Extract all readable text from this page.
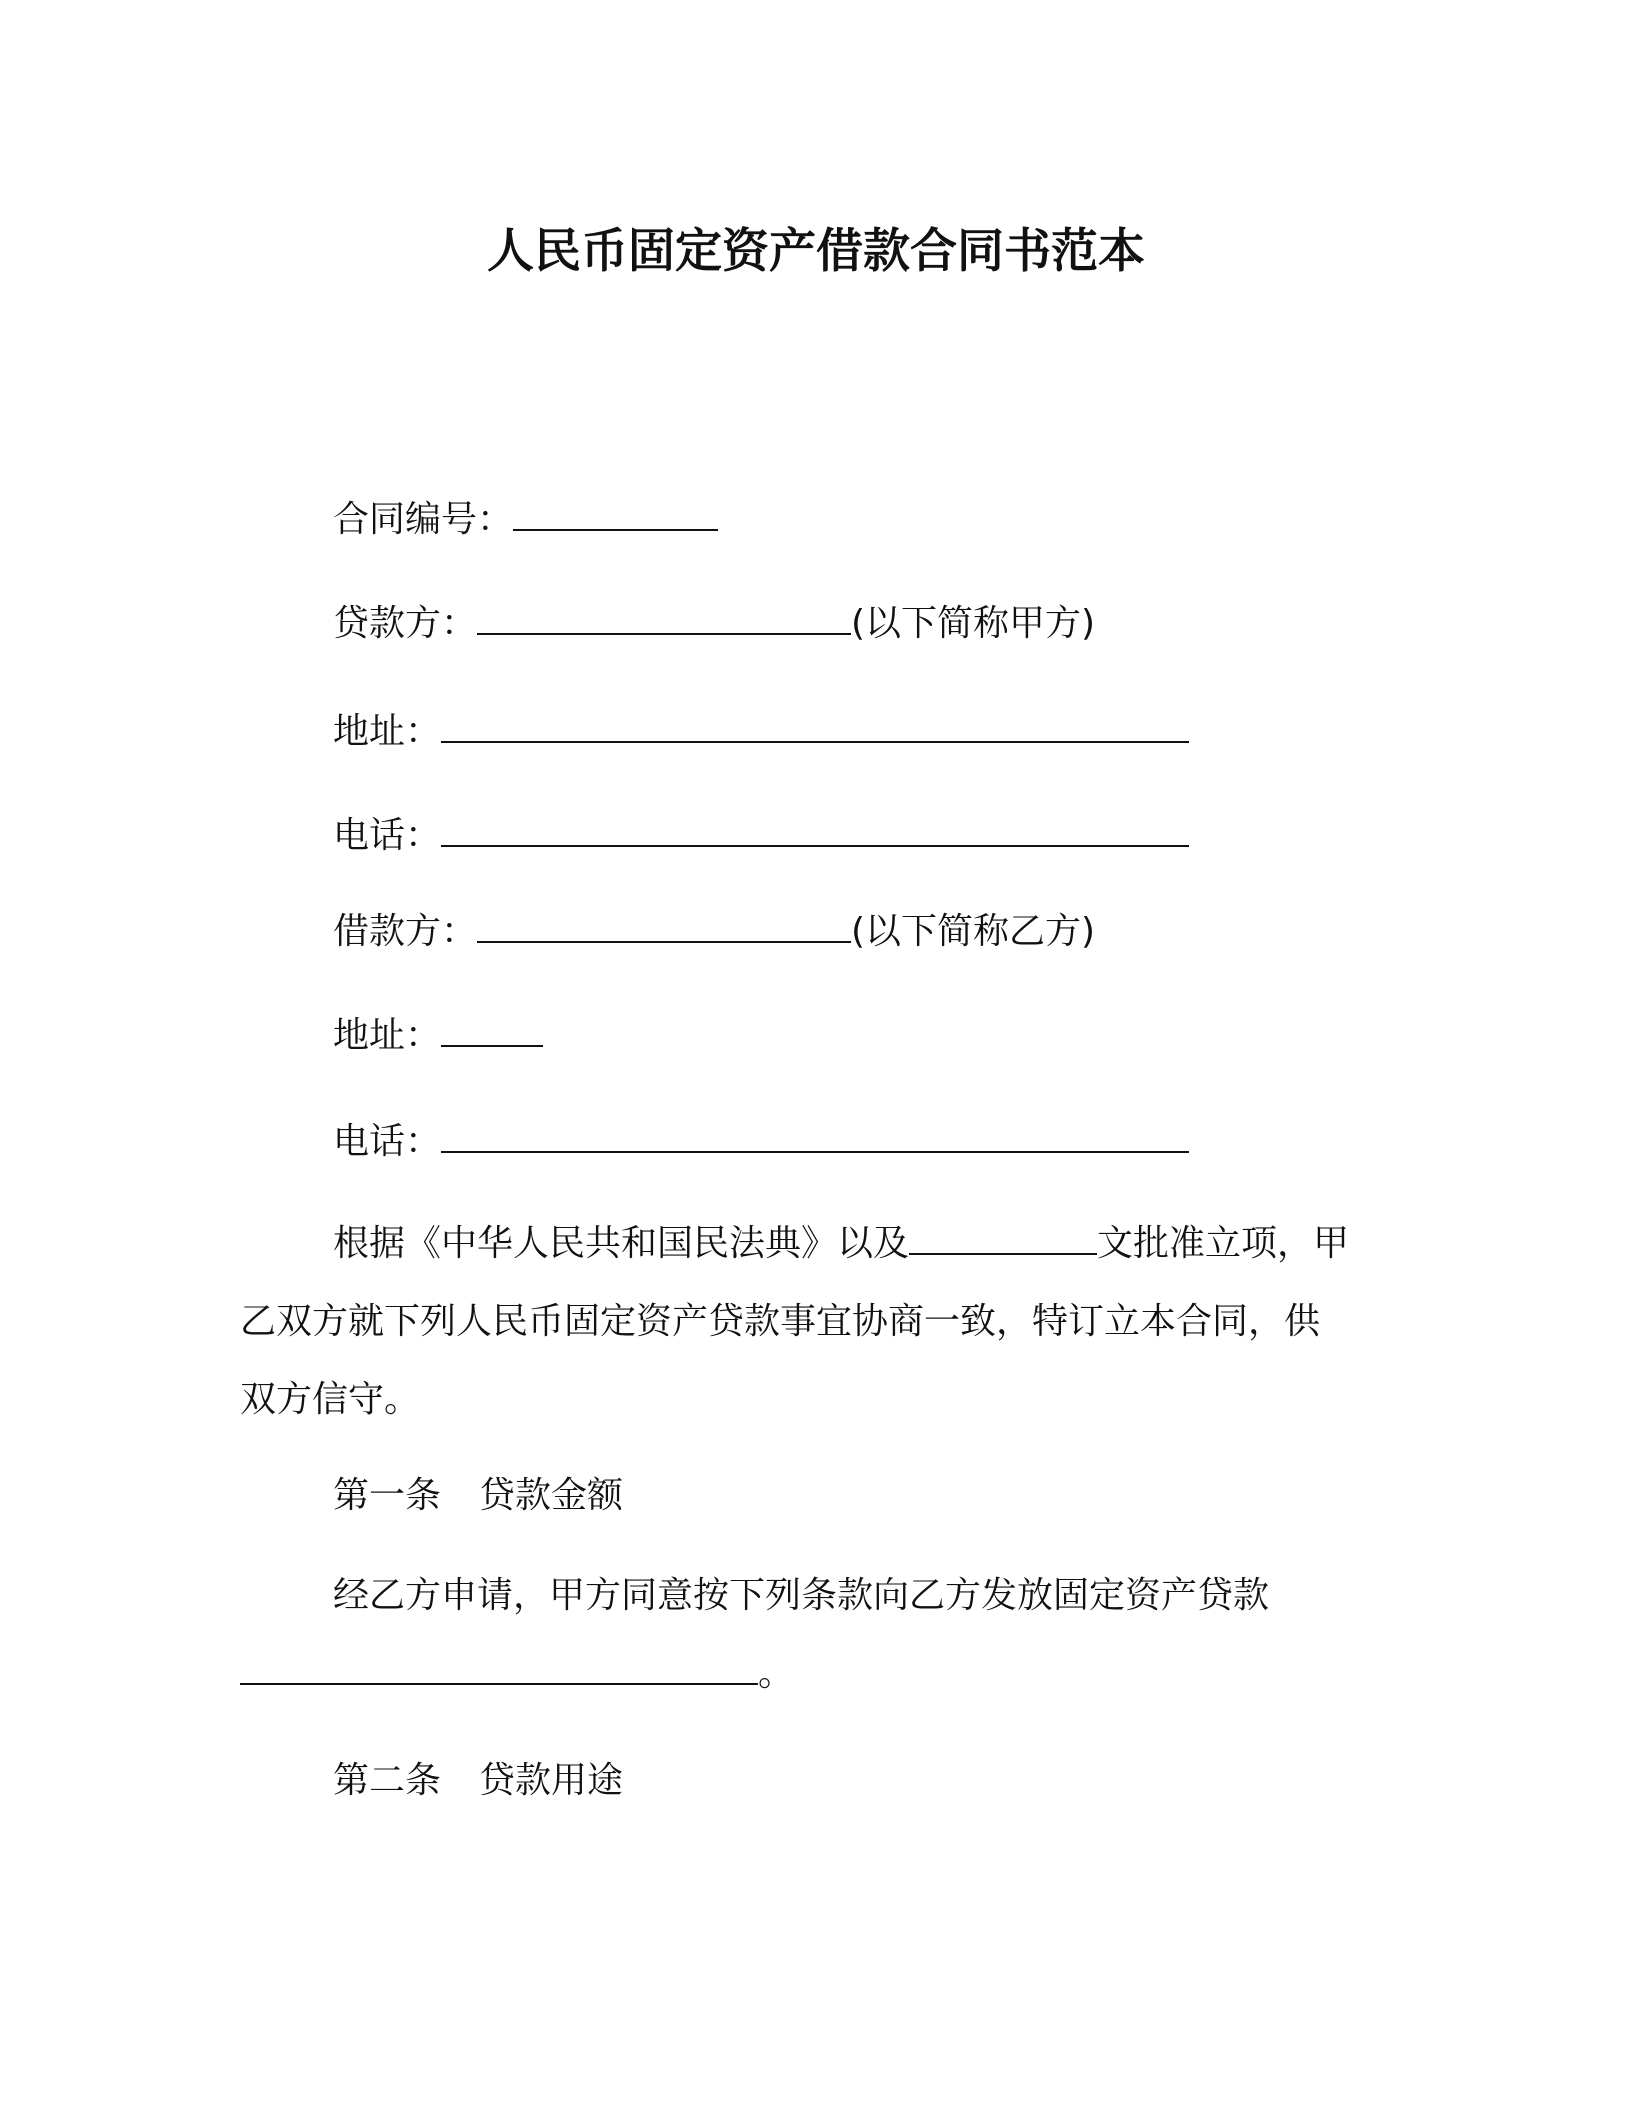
人民币固定资产借款合同书范本
合同编号：
贷款方：	(以下简称甲方)
地址：
电话：
借款方：	(以下简称乙方)
地址：
电话：
根据《中华人民共和国民法典》以及	文批准立项，甲
乙双方就下列人民币固定资产贷款事宜协商一致，特订立本合同，供
双方信守。
第一条 贷款金额
经乙方申请，甲方同意按下列条款向乙方发放固定资产贷款
。
第二条 贷款用途
